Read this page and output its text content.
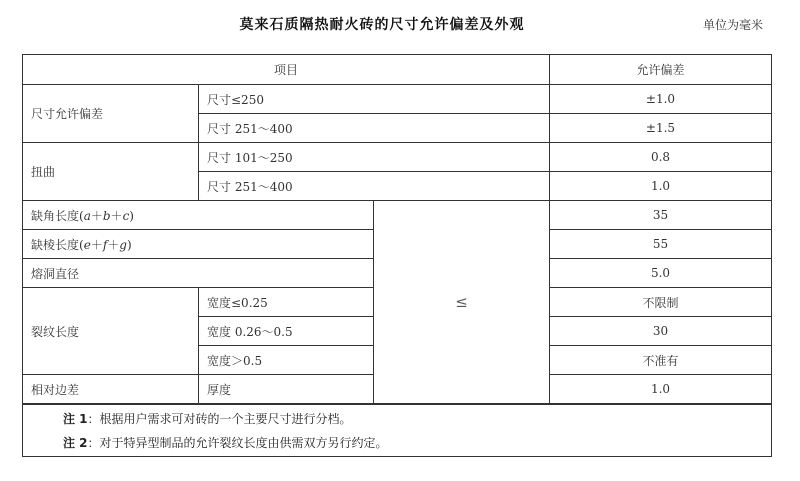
莫来石质隔热耐火砖的尺寸允许偏差及外观	单位为毫米
项目			允许偏差
尺寸允许偏差	尺寸≤250		±1.0
	尺寸 251～400		±1.5
扭曲	尺寸 101～250		0.8
	尺寸 251～400		1.0
缺角长度(a＋b＋c)		≤	35
缺棱长度(e＋f＋g)			55
熔洞直径			5.0
裂纹长度	宽度≤0.25		不限制
	宽度 0.26～0.5		30
	宽度＞0.5		不准有
相对边差	厚度		1.0

注 1：根据用户需求可对砖的一个主要尺寸进行分档。
注 2：对于特异型制品的允许裂纹长度由供需双方另行约定。			
